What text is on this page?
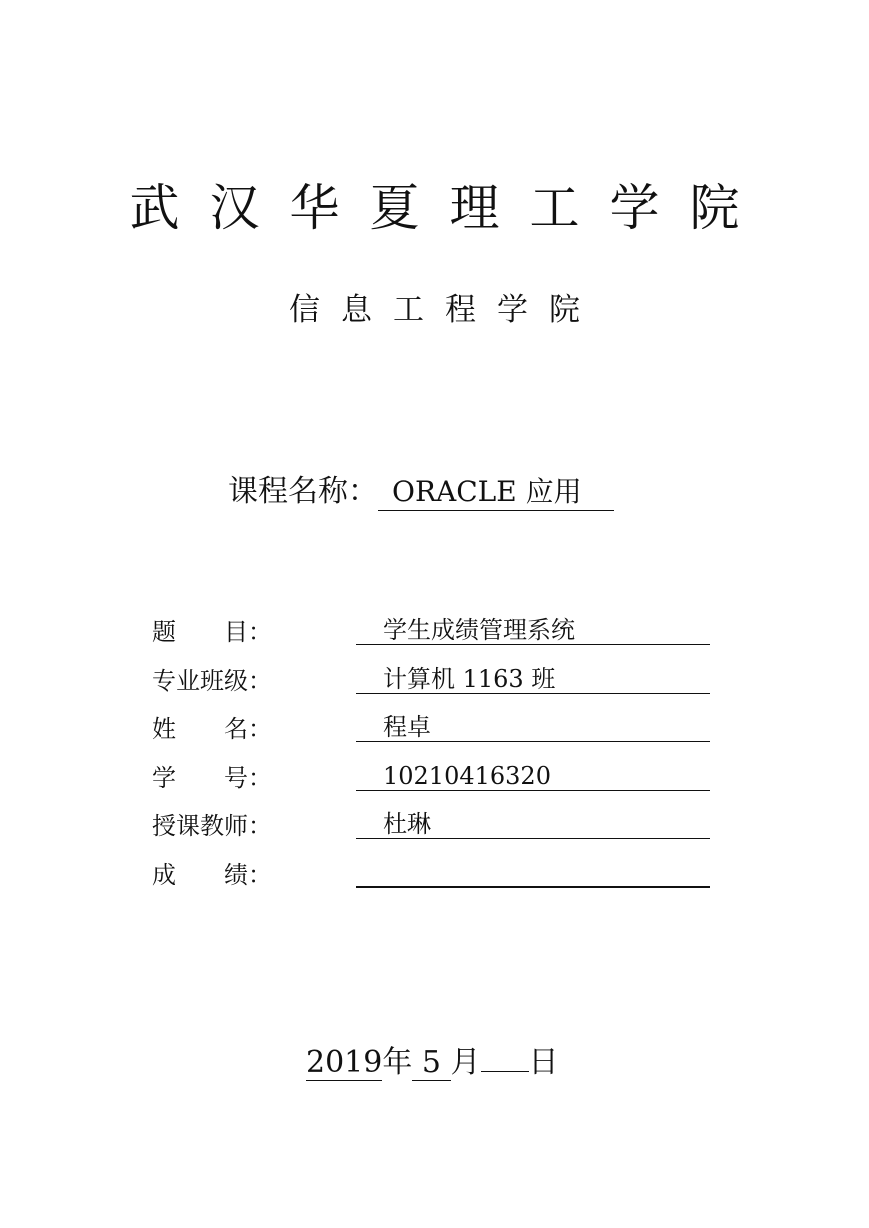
武汉华夏理工学院
信息工程学院
课程名称： ORACLE 应用
题　　目：	学生成绩管理系统
专业班级：	计算机 1163 班
姓　　名：	程卓
学　　号：	10210416320
授课教师：	杜琳
成　　绩：
2019年 5 月 日
